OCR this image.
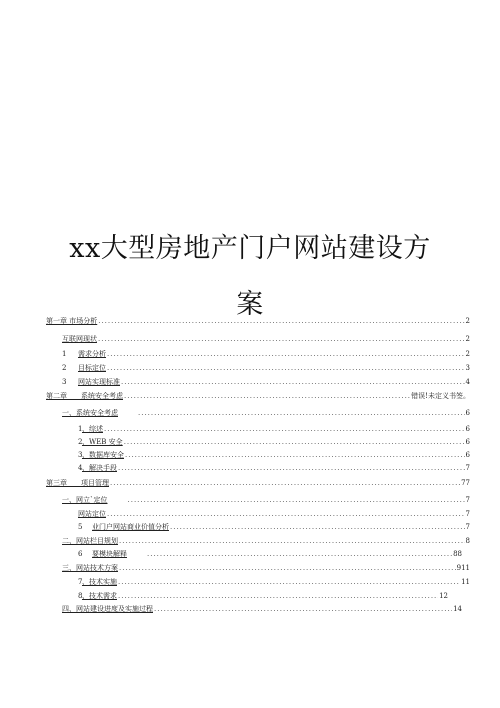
xx大型房地产门户网站建设方
案
第一章 市场分析 .....	2
互联网现状 .....	2
1	需求分析 .....	2
2	目标定位 .....	3
3	网站实现标准 .....	4
第二章　　系统安全考虑 .....	错误!未定义书签。
一、系统安全考虑 .....	6
1 、综述 .....	6
2 、WEB 安全 .....	6
3 、数据库安全 .....	6
4 、解决手段 .....	7
第三章　　项目管理 .....	77
一、网立`定位 .....	7
网站定位 .....	7
5	业门户网站商业价值分析 .....	7
二、网站栏目规划 .....	8
6	要模块解释 .....	88
三、网站技术方案 .....	911
7 、技术实施 .....	11
8 、技术需求 .....	12
四、网站建设进度及实施过程 .....	14
